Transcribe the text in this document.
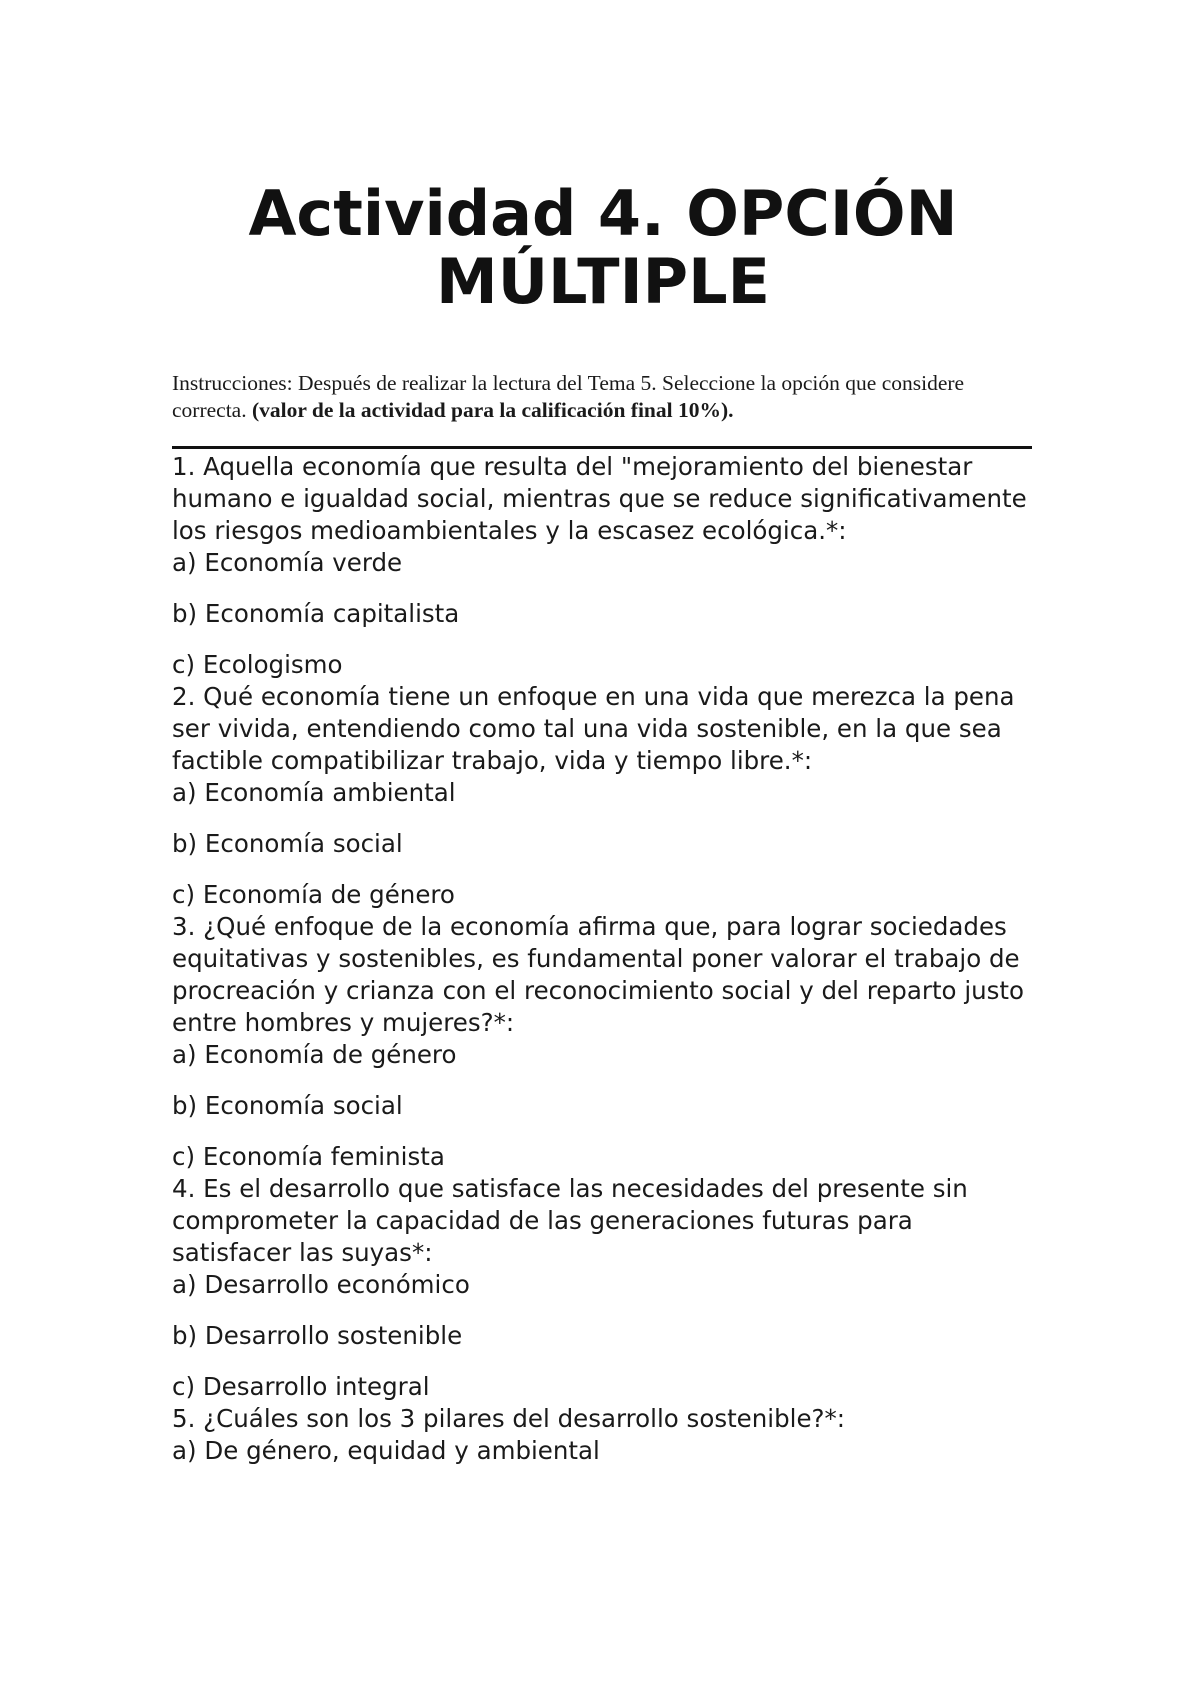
Actividad 4. OPCIÓN
MÚLTIPLE

Instrucciones: Después de realizar la lectura del Tema 5. Seleccione la opción que considere correcta. (valor de la actividad para la calificación final 10%).

1. Aquella economía que resulta del "mejoramiento del bienestar humano e igualdad social, mientras que se reduce significativamente los riesgos medioambientales y la escasez ecológica.*:

a) Economía verde

b) Economía capitalista

c) Ecologismo

2. Qué economía tiene un enfoque en una vida que merezca la pena ser vivida, entendiendo como tal una vida sostenible, en la que sea factible compatibilizar trabajo, vida y tiempo libre.*:

a) Economía ambiental

b) Economía social

c) Economía de género

3. ¿Qué enfoque de la economía afirma que, para lograr sociedades equitativas y sostenibles, es fundamental poner valorar el trabajo de procreación y crianza con el reconocimiento social y del reparto justo entre hombres y mujeres?*:

a) Economía de género

b) Economía social

c) Economía feminista

4. Es el desarrollo que satisface las necesidades del presente sin comprometer la capacidad de las generaciones futuras para satisfacer las suyas*:

a) Desarrollo económico

b) Desarrollo sostenible

c) Desarrollo integral

5. ¿Cuáles son los 3 pilares del desarrollo sostenible?*:

a) De género, equidad y ambiental
